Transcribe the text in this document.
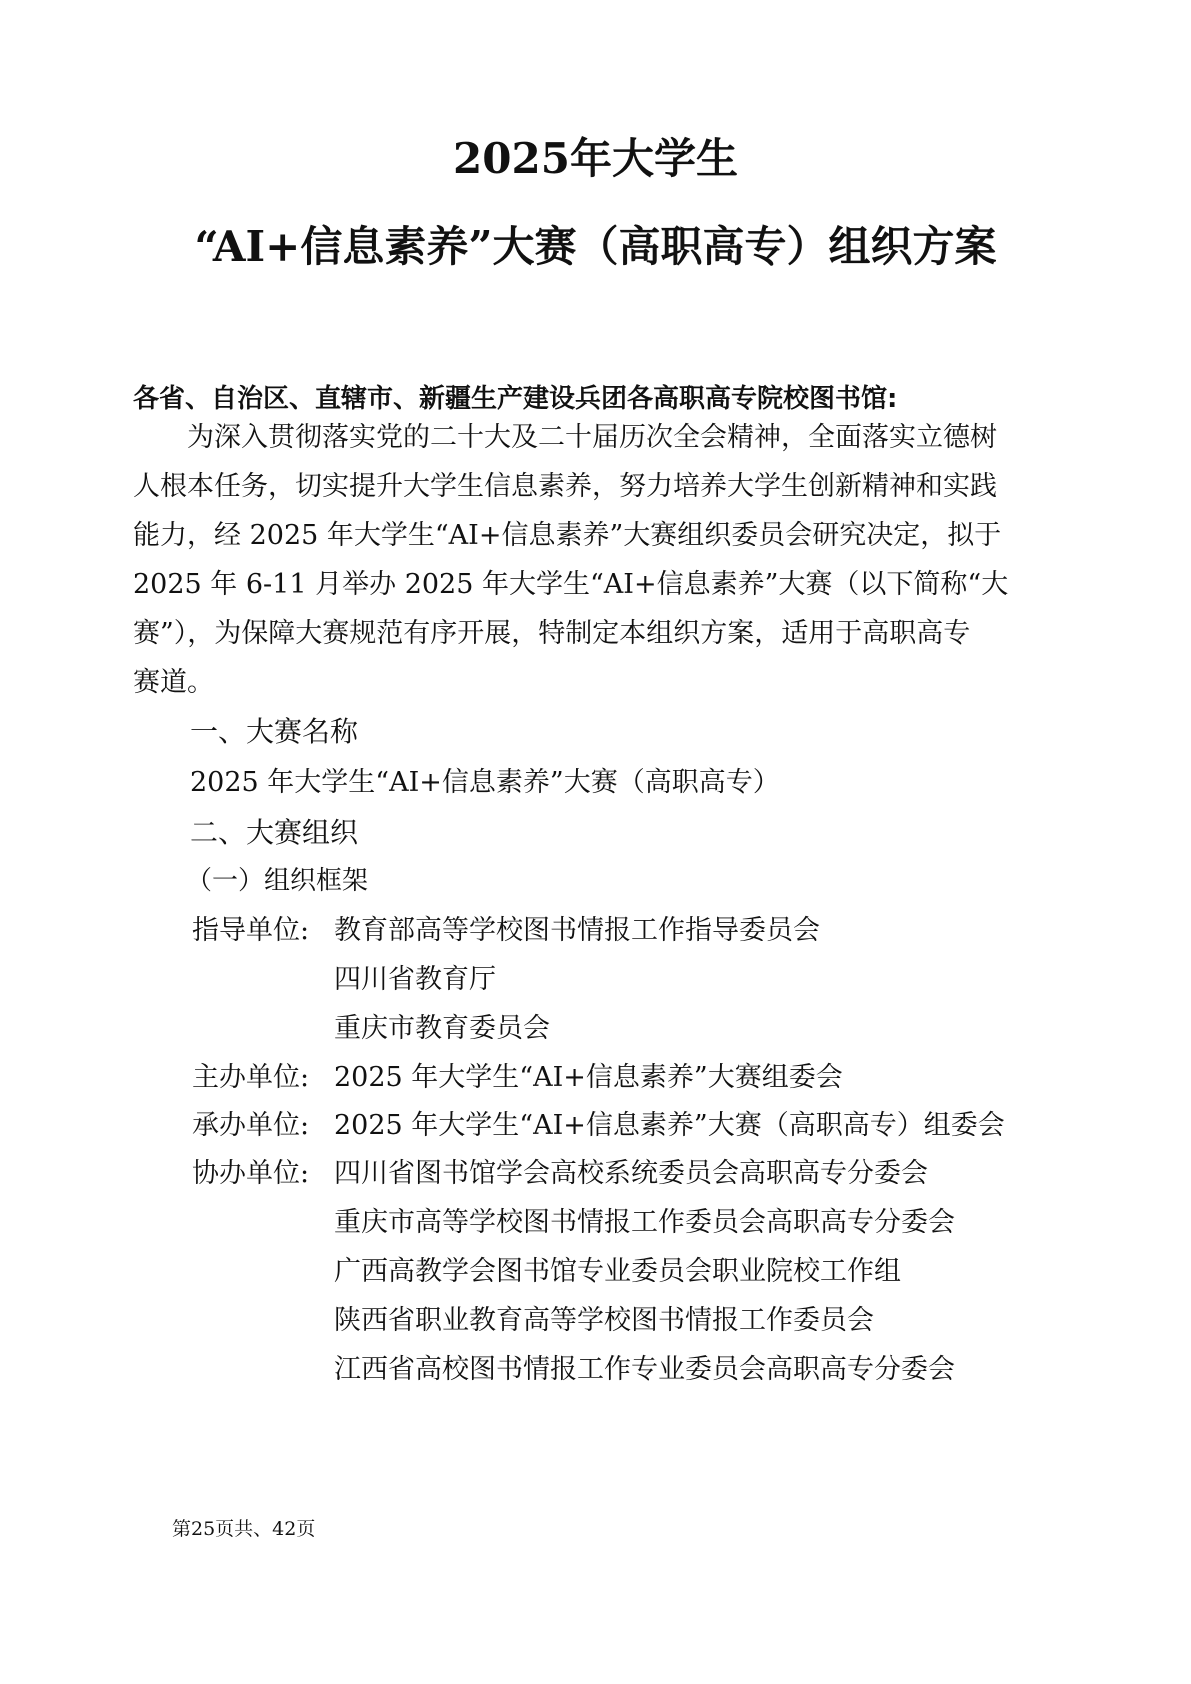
2025年大学生
“AI+信息素养”大赛（高职高专）组织方案
各省、自治区、直辖市、新疆生产建设兵团各高职高专院校图书馆:
　　为深入贯彻落实党的二十大及二十届历次全会精神，全面落实立德树
人根本任务，切实提升大学生信息素养，努力培养大学生创新精神和实践
能力，经 2025 年大学生“AI+信息素养”大赛组织委员会研究决定，拟于
2025 年 6-11 月举办 2025 年大学生“AI+信息素养”大赛（以下简称“大
赛”），为保障大赛规范有序开展，特制定本组织方案，适用于高职高专
赛道。
一、大赛名称
2025 年大学生“AI+信息素养”大赛（高职高专）
二、大赛组织
（一）组织框架
指导单位: 教育部高等学校图书情报工作指导委员会
四川省教育厅
重庆市教育委员会
主办单位: 2025 年大学生“AI+信息素养”大赛组委会
承办单位: 2025 年大学生“AI+信息素养”大赛（高职高专）组委会
协办单位: 四川省图书馆学会高校系统委员会高职高专分委会
重庆市高等学校图书情报工作委员会高职高专分委会
广西高教学会图书馆专业委员会职业院校工作组
陕西省职业教育高等学校图书情报工作委员会
江西省高校图书情报工作专业委员会高职高专分委会
第25页共、42页
